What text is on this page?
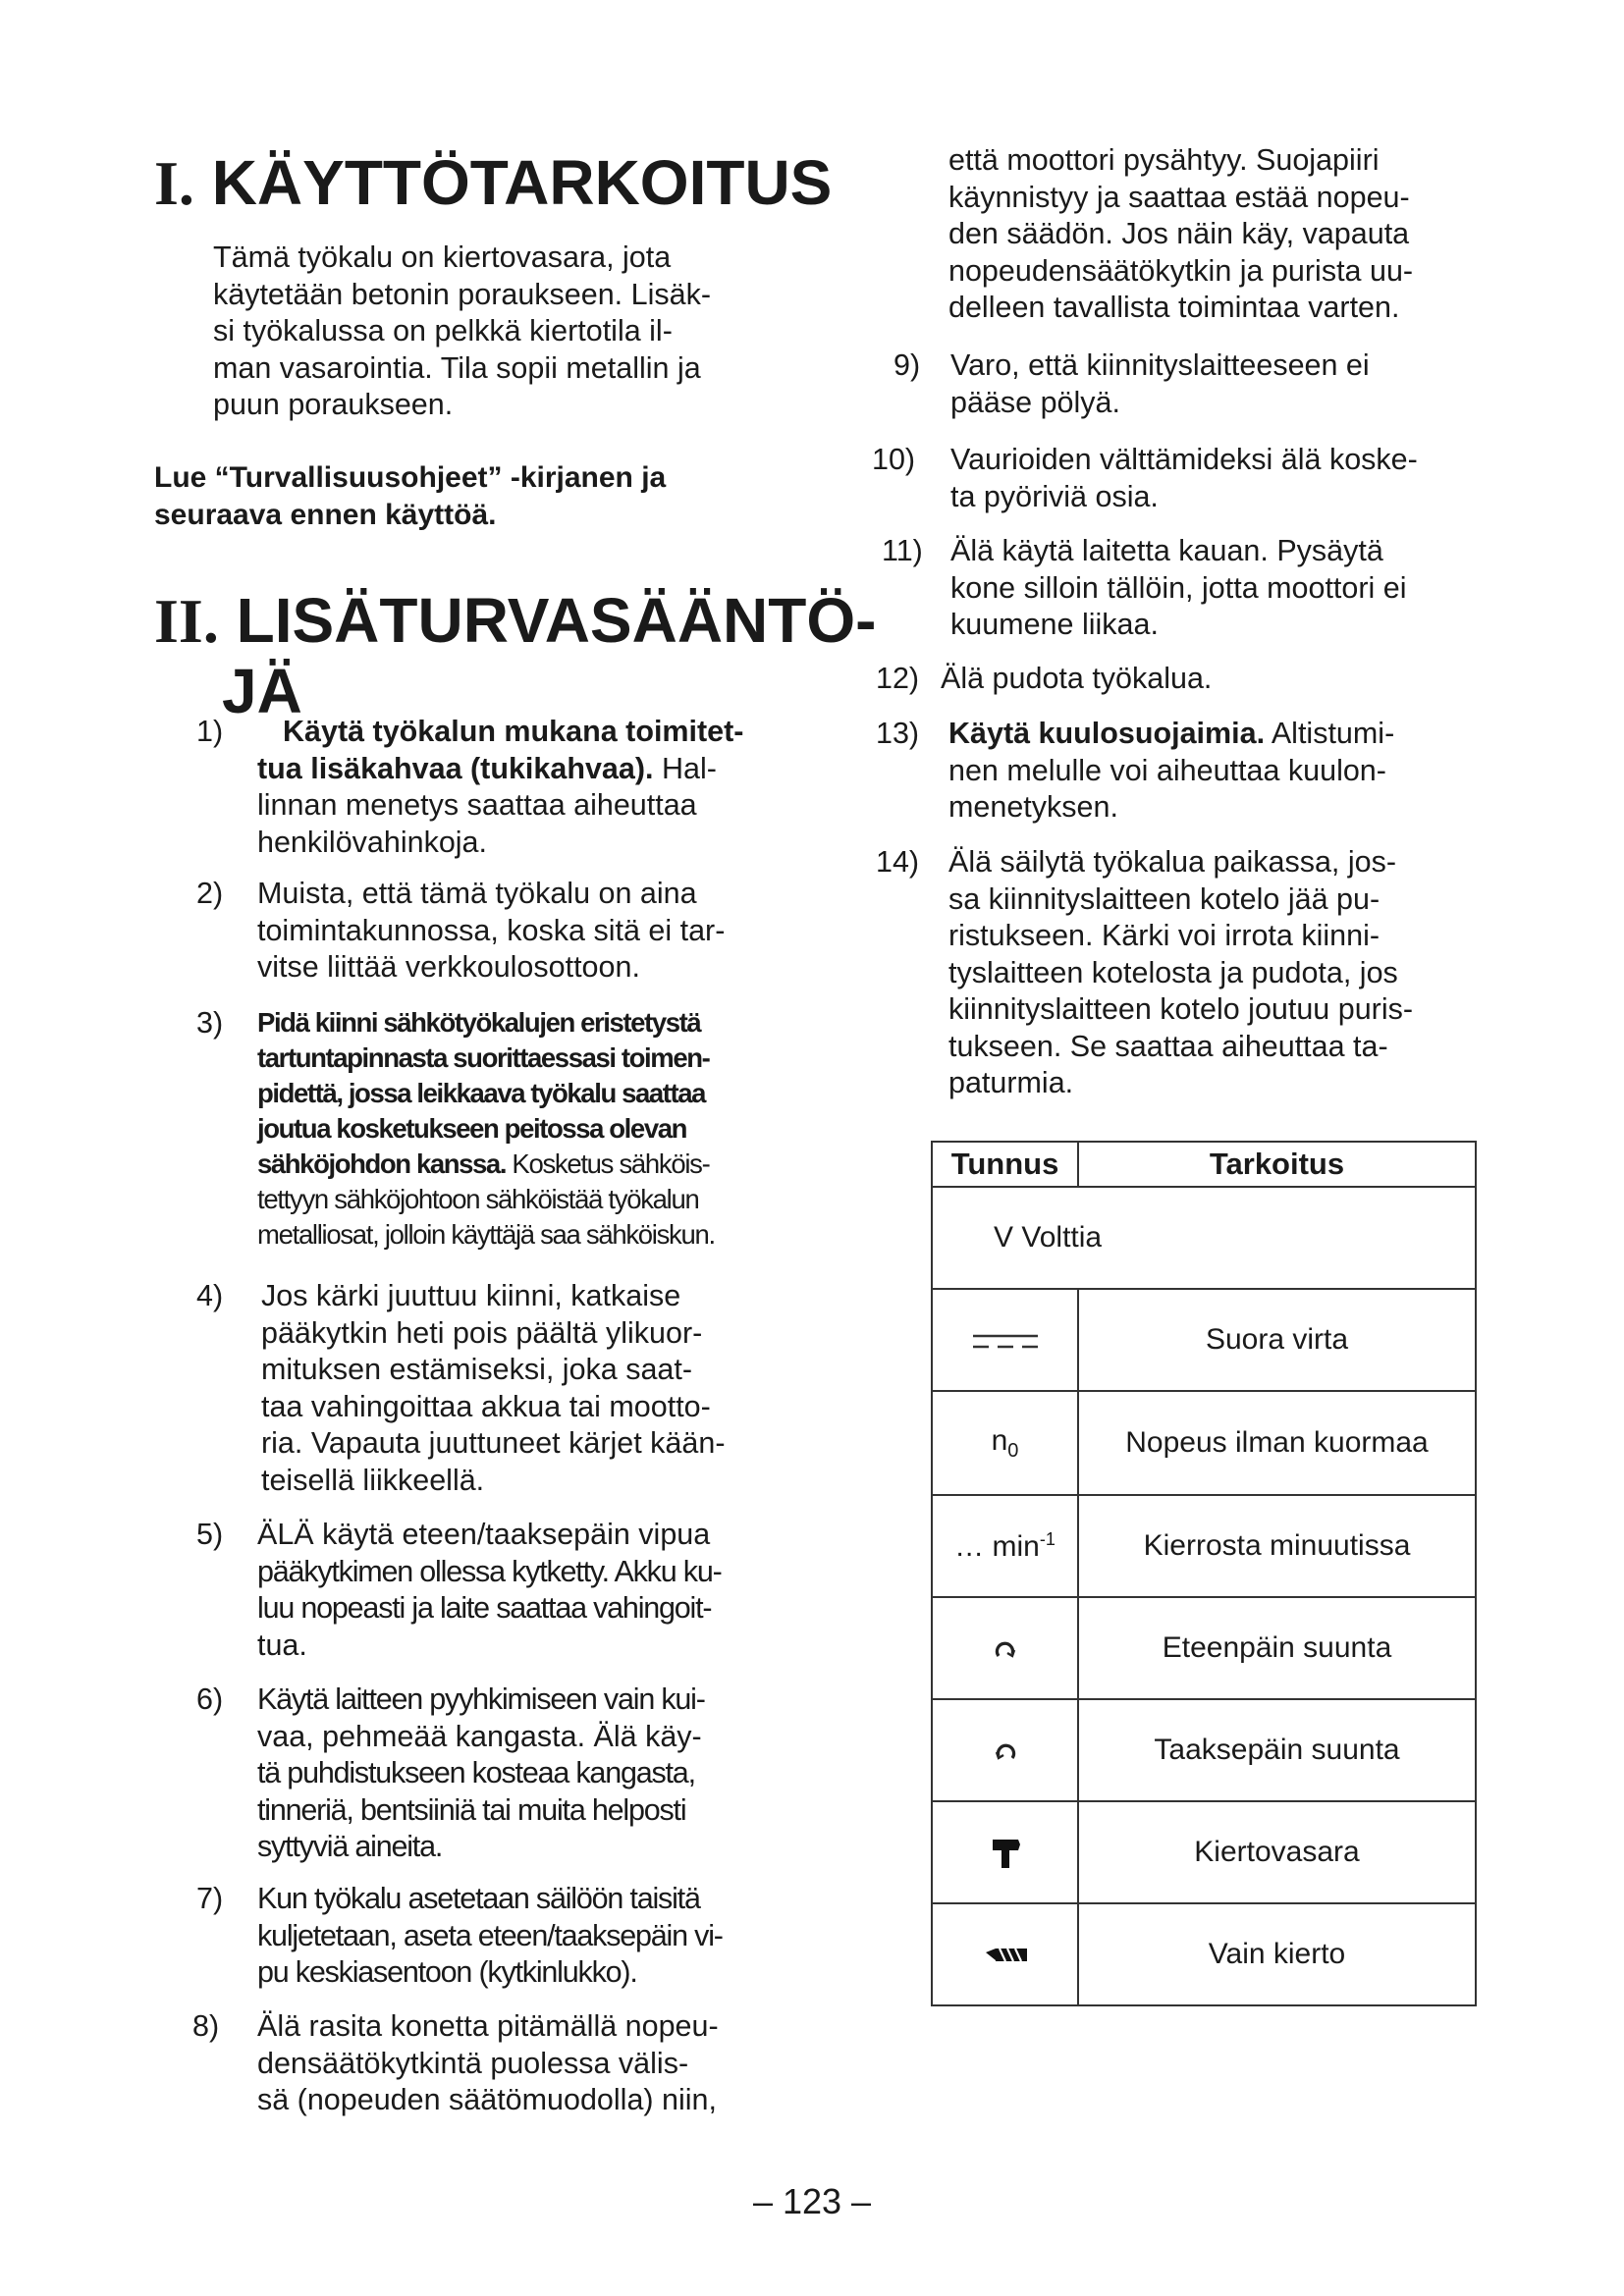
I. KÄYTTÖTARKOITUS
Tämä työkalu on kiertovasara, jota
käytetään betonin poraukseen. Lisäk-
si työkalussa on pelkkä kiertotila il-
man vasarointia. Tila sopii metallin ja
puun poraukseen.
Lue “Turvallisuusohjeet” -kirjanen ja
seuraava ennen käyttöä.
II. LISÄTURVASÄÄNTÖ-
JÄ
1)	Käytä työkalun mukana toimitet-
tua lisäkahvaa (tukikahvaa). Hal-
linnan menetys saattaa aiheuttaa
henkilövahinkoja.
2) Muista, että tämä työkalu on aina
toimintakunnossa, koska sitä ei tar-
vitse liittää verkkoulosottoon.
3) Pidä kiinni sähkötyökalujen eristetystä
tartuntapinnasta suorittaessasi toimen-
pidettä, jossa leikkaava työkalu saattaa
joutua kosketukseen peitossa olevan
sähköjohdon kanssa. Kosketus sähköis-
tettyyn sähköjohtoon sähköistää työkalun
metalliosat, jolloin käyttäjä saa sähköiskun.
4) Jos kärki juuttuu kiinni, katkaise
pääkytkin heti pois päältä ylikuor-
mituksen estämiseksi, joka saat-
taa vahingoittaa akkua tai mootto-
ria. Vapauta juuttuneet kärjet kään-
teisellä liikkeellä.
5) ÄLÄ käytä eteen/taaksepäin vipua
pääkytkimen ollessa kytketty. Akku ku-
luu nopeasti ja laite saattaa vahingoit-
tua.
6) Käytä laitteen pyyhkimiseen vain kui-
vaa, pehmeää kangasta. Älä käy-
tä puhdistukseen kosteaa kangasta,
tinneriä, bentsiiniä tai muita helposti
syttyviä aineita.
7) Kun työkalu asetetaan säilöön taisitä
kuljetetaan, aseta eteen/taaksepäin vi-
pu keskiasentoon (kytkinlukko).
8) Älä rasita konetta pitämällä nopeu-
densäätökytkintä puolessa välis-
sä (nopeuden säätömuodolla) niin,
että moottori pysähtyy. Suojapiiri
käynnistyy ja saattaa estää nopeu-
den säädön. Jos näin käy, vapauta
nopeudensäätökytkin ja purista uu-
delleen tavallista toimintaa varten.
9) Varo, että kiinnityslaitteeseen ei
pääse pölyä.
10) Vaurioiden välttämideksi älä koske-
ta pyöriviä osia.
11) Älä käytä laitetta kauan. Pysäytä
kone silloin tällöin, jotta moottori ei
kuumene liikaa.
12) Älä pudota työkalua.
13) Käytä kuulosuojaimia. Altistumi-
nen melulle voi aiheuttaa kuulon-
menetyksen.
14) Älä säilytä työkalua paikassa, jos-
sa kiinnityslaitteen kotelo jää pu-
ristukseen. Kärki voi irrota kiinni-
tyslaitteen kotelosta ja pudota, jos
kiinnityslaitteen kotelo joutuu puris-
tukseen. Se saattaa aiheuttaa ta-
paturmia.
Tunnus	Tarkoitus
V Volttia	
	Suora virta
$n_0$	Nopeus ilman kuormaa
… $\min^{-1}$	Kierrosta minuutissa
	Eteenpäin suunta
	Taaksepäin suunta
	Kiertovasara
	Vain kierto
– 123 –
